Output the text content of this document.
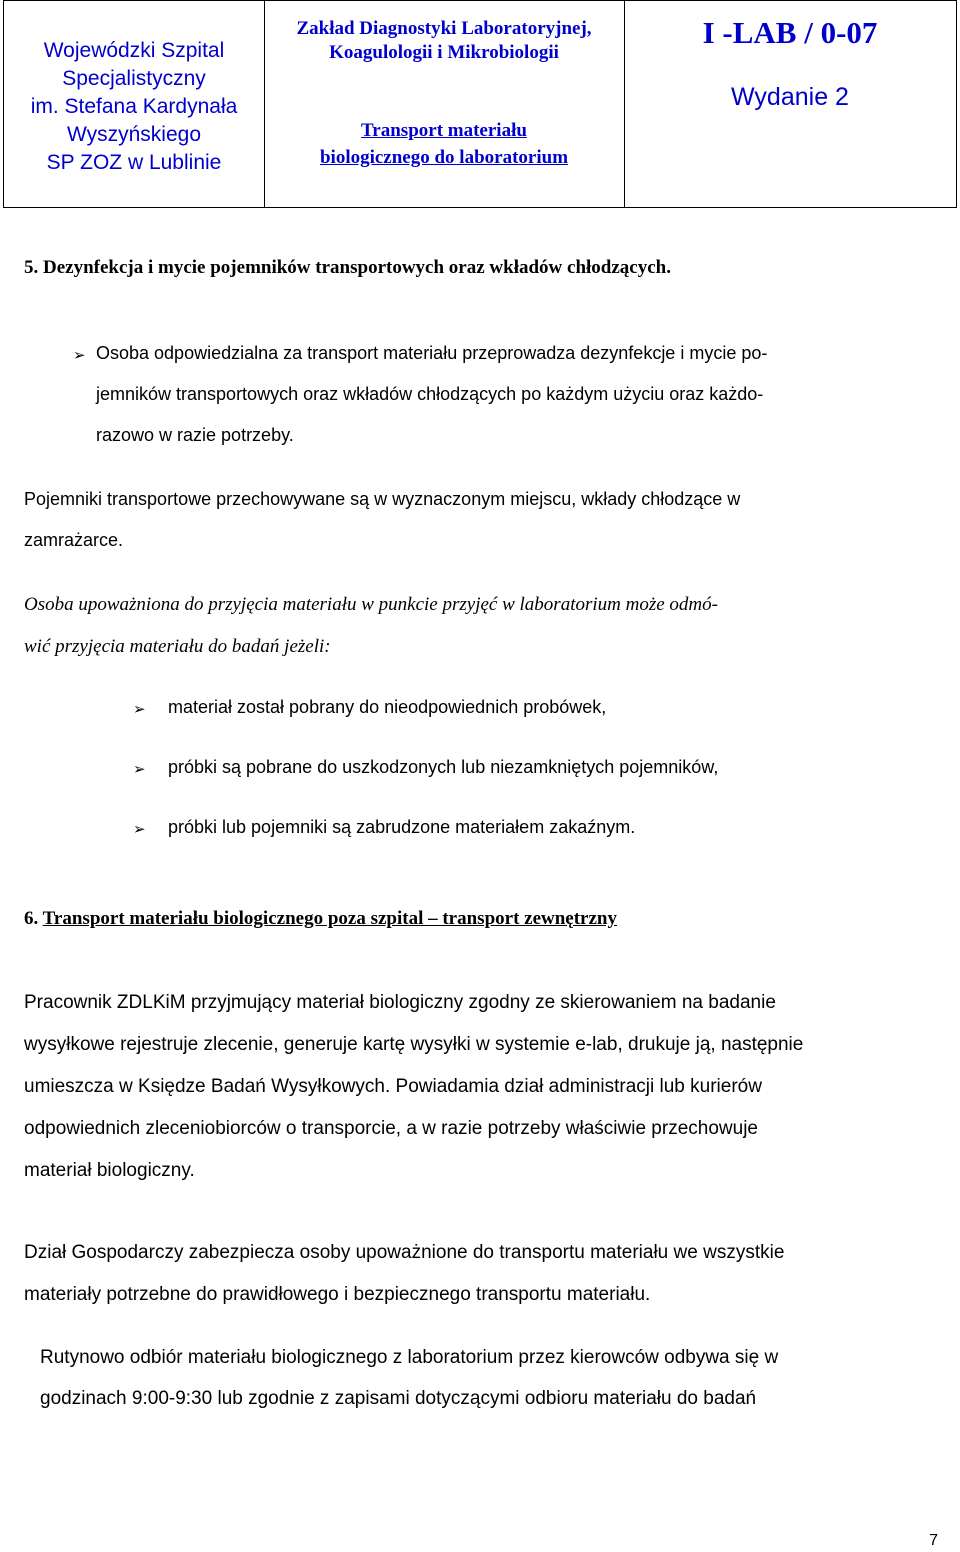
Wojewódzki Szpital
Specjalistyczny
im. Stefana Kardynała
Wyszyńskiego
SP ZOZ w Lublinie
Zakład Diagnostyki Laboratoryjnej,
Koagulologii i Mikrobiologii
Transport materiału
biologicznego do laboratorium
I -LAB / 0-07
Wydanie 2
5. Dezynfekcja i mycie pojemników transportowych oraz wkładów chłodzących.
➢ Osoba odpowiedzialna za transport materiału przeprowadza dezynfekcje i mycie po-
jemników transportowych oraz wkładów chłodzących po każdym użyciu oraz każdo-
razowo w razie potrzeby.
Pojemniki transportowe przechowywane są w wyznaczonym miejscu, wkłady chłodzące w
zamrażarce.
Osoba upoważniona do przyjęcia materiału w punkcie przyjęć w laboratorium może odmó-
wić przyjęcia materiału do badań jeżeli:
➢ materiał został pobrany do nieodpowiednich probówek,
➢ próbki są pobrane do uszkodzonych lub niezamkniętych pojemników,
➢ próbki lub pojemniki są zabrudzone materiałem zakaźnym.
6. Transport materiału biologicznego poza szpital – transport zewnętrzny
Pracownik ZDLKiM przyjmujący materiał biologiczny zgodny ze skierowaniem na badanie
wysyłkowe rejestruje zlecenie, generuje kartę wysyłki w systemie e-lab, drukuje ją, następnie
umieszcza w Księdze Badań Wysyłkowych. Powiadamia dział administracji lub kurierów
odpowiednich zleceniobiorców o transporcie, a w razie potrzeby właściwie przechowuje
materiał biologiczny.
Dział Gospodarczy zabezpiecza osoby upoważnione do transportu materiału we wszystkie
materiały potrzebne do prawidłowego i bezpiecznego transportu materiału.
Rutynowo odbiór materiału biologicznego z laboratorium przez kierowców odbywa się w
godzinach 9:00-9:30 lub zgodnie z zapisami dotyczącymi odbioru materiału do badań
7
